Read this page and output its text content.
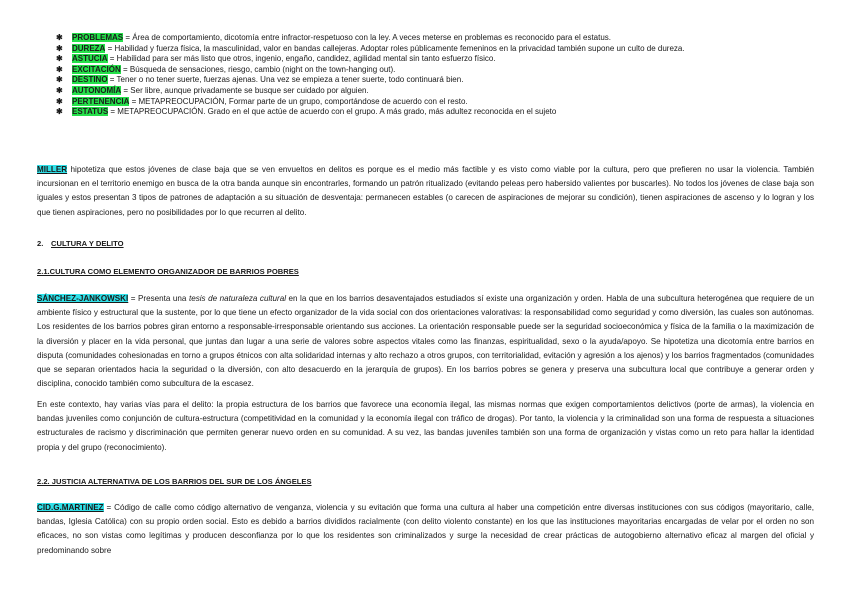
✱ PROBLEMAS = Área de comportamiento, dicotomía entre infractor-respetuoso con la ley. A veces meterse en problemas es reconocido para el estatus.
✱ DUREZA = Habilidad y fuerza física, la masculinidad, valor en bandas callejeras. Adoptar roles públicamente femeninos en la privacidad también supone un culto de dureza.
✱ ASTUCIA = Habilidad para ser más listo que otros, ingenio, engaño, candidez, agilidad mental sin tanto esfuerzo físico.
✱ EXCITACIÓN = Búsqueda de sensaciones, riesgo, cambio (night on the town-hanging out).
✱ DESTINO = Tener o no tener suerte, fuerzas ajenas. Una vez se empieza a tener suerte, todo continuará bien.
✱ AUTONOMÍA = Ser libre, aunque privadamente se busque ser cuidado por alguien.
✱ PERTENENCIA = METAPREOCUPACIÓN, Formar parte de un grupo, comportándose de acuerdo con el resto.
✱ ESTATUS = METAPREOCUPACIÓN. Grado en el que actúe de acuerdo con el grupo. A más grado, más adultez reconocida en el sujeto

MILLER hipotetiza que estos jóvenes de clase baja que se ven envueltos en delitos es porque es el medio más factible y es visto como viable por la cultura, pero que prefieren no usar la violencia. También incursionan en el territorio enemigo en busca de la otra banda aunque sin encontrarles, formando un patrón ritualizado (evitando peleas pero habersido valientes por buscarles). No todos los jóvenes de clase baja son iguales y estos presentan 3 tipos de patrones de adaptación a su situación de desventaja: permanecen estables (o carecen de aspiraciones de mejorar su condición), tienen aspiraciones de ascenso y lo logran y los que tienen aspiraciones, pero no posibilidades por lo que recurren al delito.

2. CULTURA Y DELITO
2.1.CULTURA COMO ELEMENTO ORGANIZADOR DE BARRIOS POBRES

SÁNCHEZ-JANKOWSKI = Presenta una tesis de naturaleza cultural en la que en los barrios desaventajados estudiados sí existe una organización y orden. Habla de una subcultura heterogénea que requiere de un ambiente físico y estructural que la sustente, por lo que tiene un efecto organizador de la vida social con dos orientaciones valorativas: la responsabilidad como seguridad y como diversión, las cuales son autónomas. Los residentes de los barrios pobres giran entorno a responsable-irresponsable orientando sus acciones. La orientación responsable puede ser la seguridad socioeconómica y física de la familia o la maximización de la diversión y placer en la vida personal, que juntas dan lugar a una serie de valores sobre aspectos vitales como las finanzas, espiritualidad, sexo o la ayuda/apoyo. Se hipotetiza una dicotomía entre barrios en disputa (comunidades cohesionadas en torno a grupos étnicos con alta solidaridad internas y alto rechazo a otros grupos, con territorialidad, evitación y agresión a los ajenos) y los barrios fragmentados (comunidades que se separan orientados hacia la seguridad o la diversión, con alto desacuerdo en la jerarquía de grupos). En los barrios pobres se genera y preserva una subcultura local que contribuye a generar orden y disciplina, conocido también como subcultura de la escasez.

En este contexto, hay varias vías para el delito: la propia estructura de los barrios que favorece una economía ilegal, las mismas normas que exigen comportamientos delictivos (porte de armas), la violencia en bandas juveniles como conjunción de cultura-estructura (competitividad en la comunidad y la economía ilegal con tráfico de drogas). Por tanto, la violencia y la criminalidad son una forma de respuesta a situaciones estructurales de racismo y discriminación que permiten generar nuevo orden en su comunidad. A su vez, las bandas juveniles también son una forma de organización y vistas como un reto para hallar la identidad propia y del grupo (reconocimiento).

2.2. JUSTICIA ALTERNATIVA DE LOS BARRIOS DEL SUR DE LOS ÁNGELES

CID.G.MARTINEZ = Código de calle como código alternativo de venganza, violencia y su evitación que forma una cultura al haber una competición entre diversas instituciones con sus códigos (mayoritario, calle, bandas, Iglesia Católica) con su propio orden social. Esto es debido a barrios divididos racialmente (con delito violento constante) en los que las instituciones mayoritarias encargadas de velar por el orden no son eficaces, no son vistas como legítimas y producen desconfianza por lo que los residentes son criminalizados y surge la necesidad de crear prácticas de autogobierno alternativo eficaz al margen del oficial y predominando sobre
